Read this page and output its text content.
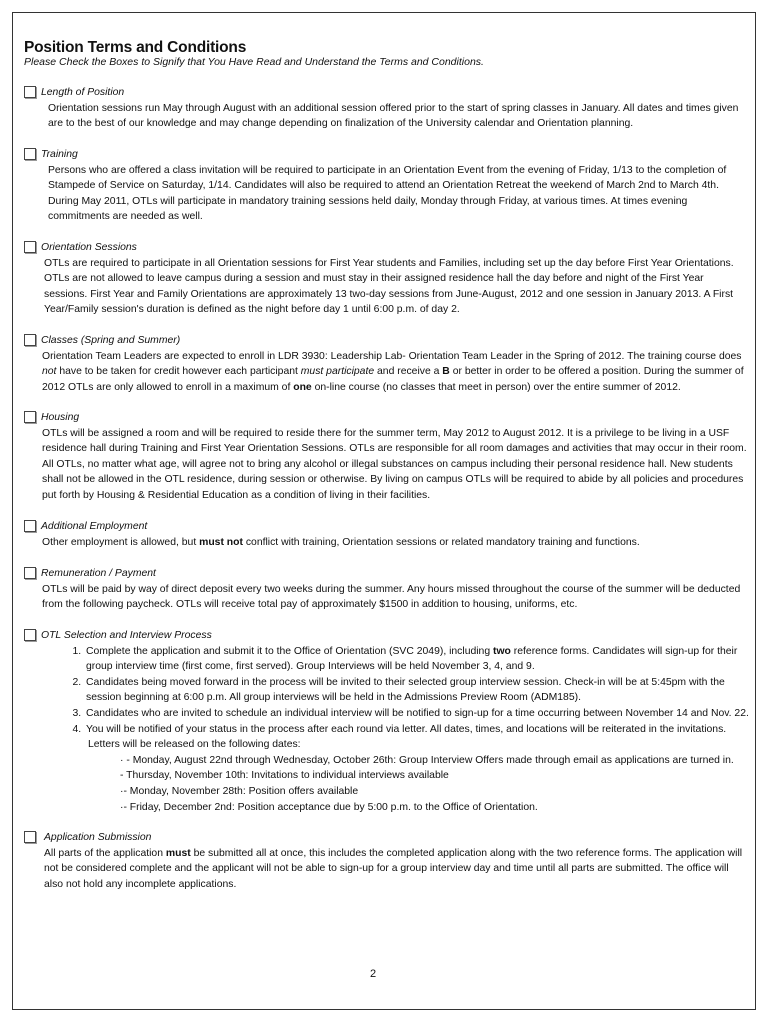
Position Terms and Conditions
Please Check the Boxes to Signify that You Have Read and Understand the Terms and Conditions.
Length of Position

Orientation sessions run May through August with an additional session offered prior to the start of spring classes in January. All dates and times given

are to the best of our knowledge and may change depending on finalization of the University calendar and Orientation planning.

Training

Persons who are offered a class invitation will be required to participate in an Orientation Event from the evening of Friday, 1/13 to the completion of

Stampede of Service on Saturday, 1/14. Candidates will also be required to attend an Orientation Retreat the weekend of March 2nd to March 4th.

During May 2011, OTLs will participate in mandatory training sessions held daily, Monday through Friday, at various times. At times evening

commitments are needed as well.

Orientation Sessions

OTLs are required to participate in all Orientation sessions for First Year students and Families, including set up the day before First Year Orientations.

OTLs are not allowed to leave campus during a session and must stay in their assigned residence hall the day before and night of the First Year

sessions. First Year and Family Orientations are approximately 13 two-day sessions from June-August, 2012 and one session in January 2013. A First

Year/Family session's duration is defined as the night before day 1 until 6:00 p.m. of day 2.

Classes (Spring and Summer)

Orientation Team Leaders are expected to enroll in LDR 3930: Leadership Lab- Orientation Team Leader in the Spring of 2012. The training course does

not have to be taken for credit however each participant must participate and receive a B or better in order to be offered a position. During the summer of

2012 OTLs are only allowed to enroll in a maximum of one on-line course (no classes that meet in person) over the entire summer of 2012.

Housing

OTLs will be assigned a room and will be required to reside there for the summer term, May 2012 to August 2012. It is a privilege to be living in a USF

residence hall during Training and First Year Orientation Sessions. OTLs are responsible for all room damages and activities that may occur in their room.

All OTLs, no matter what age, will agree not to bring any alcohol or illegal substances on campus including their personal residence hall. New students

shall not be allowed in the OTL residence, during session or otherwise. By living on campus OTLs will be required to abide by all policies and procedures

put forth by Housing & Residential Education as a condition of living in their facilities.

Additional Employment

Other employment is allowed, but must not conflict with training, Orientation sessions or related mandatory training and functions.

Remuneration / Payment

OTLs will be paid by way of direct deposit every two weeks during the summer. Any hours missed throughout the course of the summer will be deducted

from the following paycheck. OTLs will receive total pay of approximately $1500 in addition to housing, uniforms, etc.

OTL Selection and Interview Process
1. Complete the application and submit it to the Office of Orientation (SVC 2049), including two reference forms. Candidates will sign-up for their
group interview time (first come, first served). Group Interviews will be held November 3, 4, and 9.
2. Candidates being moved forward in the process will be invited to their selected group interview session. Check-in will be at 5:45pm with the
session beginning at 6:00 p.m. All group interviews will be held in the Admissions Preview Room (ADM185).
3. Candidates who are invited to schedule an individual interview will be notified to sign-up for a time occurring between November 14 and Nov. 22.
4. You will be notified of your status in the process after each round via letter. All dates, times, and locations will be reiterated in the invitations.
Letters will be released on the following dates:

· - Monday, August 22nd through Wednesday, October 26th: Group Interview Offers made through email as applications are turned in.

- Thursday, November 10th: Invitations to individual interviews available

·- Monday, November 28th: Position offers available

·- Friday, December 2nd: Position acceptance due by 5:00 p.m. to the Office of Orientation.

Application Submission

All parts of the application must be submitted all at once, this includes the completed application along with the two reference forms. The application will

not be considered complete and the applicant will not be able to sign-up for a group interview day and time until all parts are submitted. The office will

also not hold any incomplete applications.

2
